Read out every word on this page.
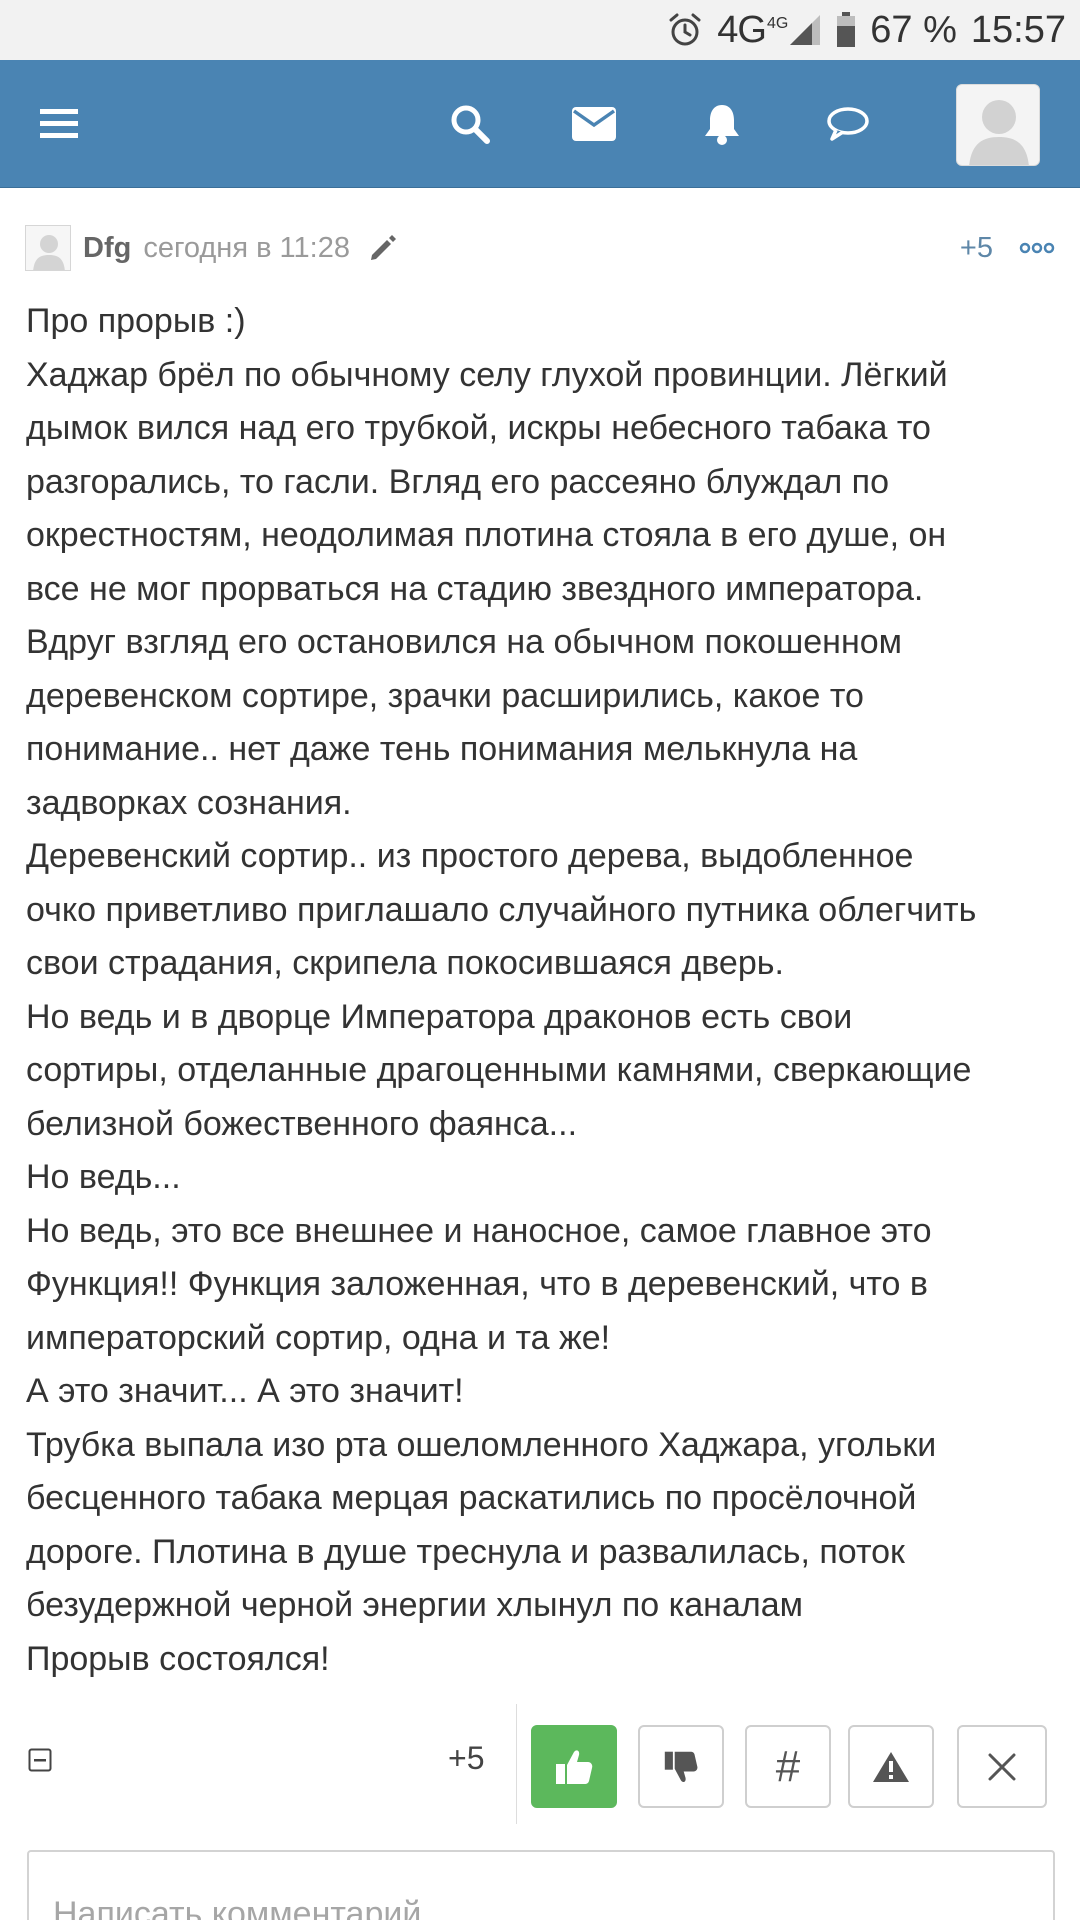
4G 4G 67 % 15:57
Dfg сегодня в 11:28	+5

Про прорыв :)

Хаджар брёл по обычному селу глухой провинции. Лёгкий

дымок вился над его трубкой, искры небесного табака то

разгорались, то гасли. Вгляд его рассеяно блуждал по

окрестностям, неодолимая плотина стояла в его душе, он

все не мог прорваться на стадию звездного императора.

Вдруг взгляд его остановился на обычном покошенном

деревенском сортире, зрачки расширились, какое то

понимание.. нет даже тень понимания мелькнула на

задворках сознания.

Деревенский сортир.. из простого дерева, выдобленное

очко приветливо приглашало случайного путника облегчить

свои страдания, скрипела покосившаяся дверь.

Но ведь и в дворце Императора драконов есть свои

сортиры, отделанные драгоценными камнями, сверкающие

белизной божественного фаянса...

Но ведь...

Но ведь, это все внешнее и наносное, самое главное это

Функция!! Функция заложенная, что в деревенский, что в

императорский сортир, одна и та же!

А это значит... А это значит!

Трубка выпала изо рта ошеломленного Хаджара, угольки

бесценного табака мерцая раскатились по просёлочной

дороге. Плотина в душе треснула и развалилась, поток

безудержной черной энергии хлынул по каналам

Прорыв состоялся!

+5	#
Написать комментарий...
